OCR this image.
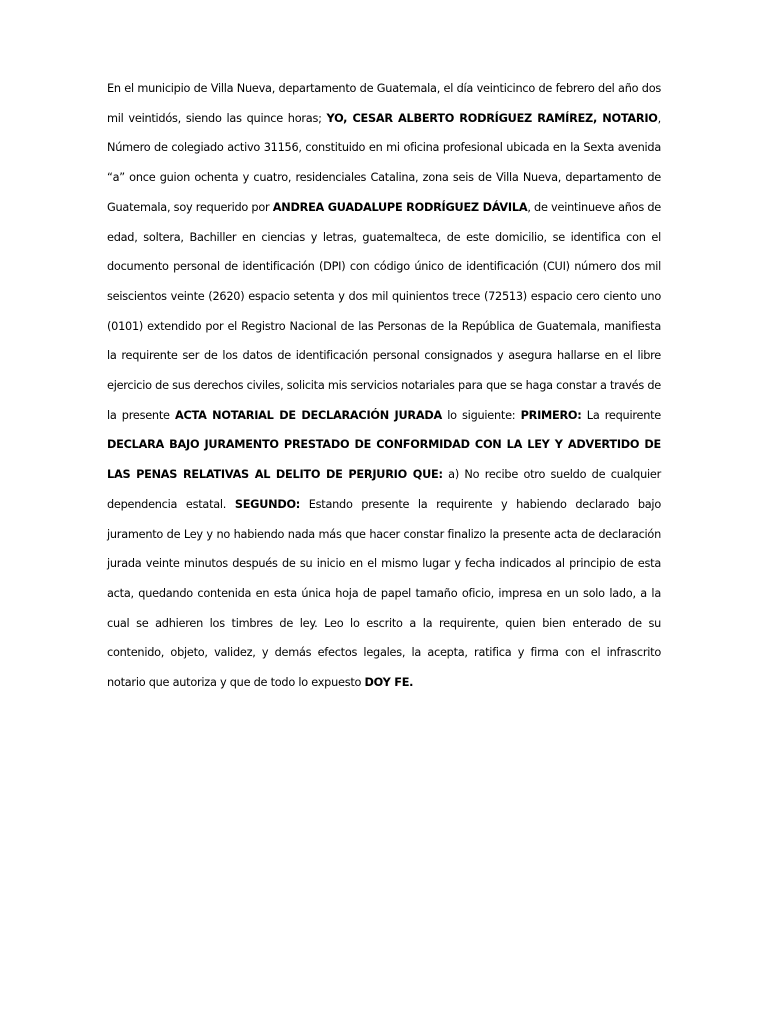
En el municipio de Villa Nueva, departamento de Guatemala, el día veinticinco de febrero del año dos mil veintidós, siendo las quince horas; YO, CESAR ALBERTO RODRÍGUEZ RAMÍREZ, NOTARIO, Número de colegiado activo 31156, constituido en mi oficina profesional ubicada en la Sexta avenida “a” once guion ochenta y cuatro, residenciales Catalina, zona seis de Villa Nueva, departamento de Guatemala, soy requerido por ANDREA GUADALUPE RODRÍGUEZ DÁVILA, de veintinueve años de edad, soltera, Bachiller en ciencias y letras, guatemalteca, de este domicilio, se identifica con el documento personal de identificación (DPI) con código único de identificación (CUI) número dos mil seiscientos veinte (2620) espacio setenta y dos mil quinientos trece (72513) espacio cero ciento uno (0101) extendido por el Registro Nacional de las Personas de la República de Guatemala, manifiesta la requirente ser de los datos de identificación personal consignados y asegura hallarse en el libre ejercicio de sus derechos civiles, solicita mis servicios notariales para que se haga constar a través de la presente ACTA NOTARIAL DE DECLARACIÓN JURADA lo siguiente: PRIMERO: La requirente DECLARA BAJO JURAMENTO PRESTADO DE CONFORMIDAD CON LA LEY Y ADVERTIDO DE LAS PENAS RELATIVAS AL DELITO DE PERJURIO QUE: a) No recibe otro sueldo de cualquier dependencia estatal. SEGUNDO: Estando presente la requirente y habiendo declarado bajo juramento de Ley y no habiendo nada más que hacer constar finalizo la presente acta de declaración jurada veinte minutos después de su inicio en el mismo lugar y fecha indicados al principio de esta acta, quedando contenida en esta única hoja de papel tamaño oficio, impresa en un solo lado, a la cual se adhieren los timbres de ley. Leo lo escrito a la requirente, quien bien enterado de su contenido, objeto, validez, y demás efectos legales, la acepta, ratifica y firma con el infrascrito notario que autoriza y que de todo lo expuesto DOY FE.
